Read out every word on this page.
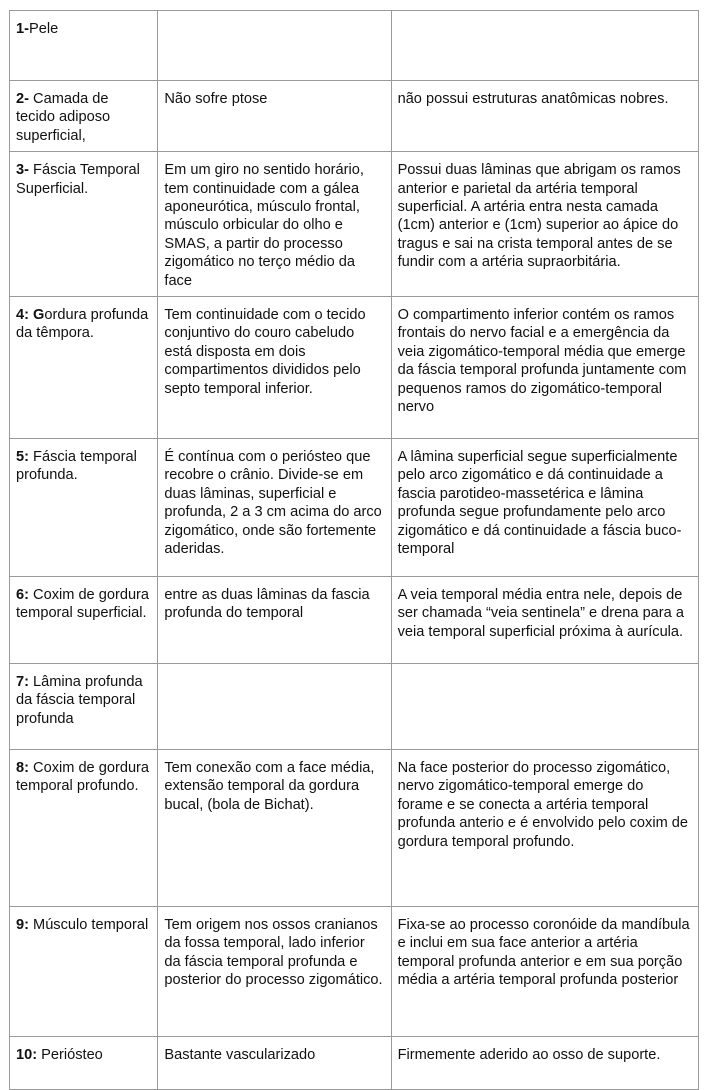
1-Pele		
2- Camada de tecido adiposo superficial,	Não sofre ptose	não possui estruturas anatômicas nobres.
3- Fáscia Temporal Superficial.	Em um giro no sentido horário, tem continuidade com a gálea aponeurótica, músculo frontal, músculo orbicular do olho e SMAS, a partir do processo zigomático no terço médio da face	Possui duas lâminas que abrigam os ramos anterior e parietal da artéria temporal superficial. A artéria entra nesta camada (1cm) anterior e (1cm) superior ao ápice do tragus e sai na crista temporal antes de se fundir com a artéria supraorbitária.
4: Gordura profunda da têmpora.	Tem continuidade com o tecido conjuntivo do couro cabeludo está disposta em dois compartimentos divididos pelo septo temporal inferior.	O compartimento inferior contém os ramos frontais do nervo facial e a emergência da veia zigomático-temporal média que emerge da fáscia temporal profunda juntamente com pequenos ramos do zigomático-temporal nervo
5: Fáscia temporal profunda.	É contínua com o periósteo que recobre o crânio. Divide-se em duas lâminas, superficial e profunda, 2 a 3 cm acima do arco zigomático, onde são fortemente aderidas.	A lâmina superficial segue superficialmente pelo arco zigomático e dá continuidade a fascia parotideo-massetérica e lâmina profunda segue profundamente pelo arco zigomático e dá continuidade a fáscia buco-temporal
6: Coxim de gordura temporal superficial.	entre as duas lâminas da fascia profunda do temporal	A veia temporal média entra nele, depois de ser chamada “veia sentinela” e drena para a veia temporal superficial próxima à aurícula.
7: Lâmina profunda da fáscia temporal profunda		
8: Coxim de gordura temporal profundo.	Tem conexão com a face média, extensão temporal da gordura bucal, (bola de Bichat).	Na face posterior do processo zigomático, nervo zigomático-temporal emerge do forame e se conecta a artéria temporal profunda anterio e é envolvido pelo coxim de gordura temporal profundo.
9: Músculo temporal	Tem origem nos ossos cranianos da fossa temporal, lado inferior da fáscia temporal profunda e posterior do processo zigomático.	Fixa-se ao processo coronóide da mandíbula e inclui em sua face anterior a artéria temporal profunda anterior e em sua porção média a artéria temporal profunda posterior
10: Periósteo	Bastante vascularizado	Firmemente aderido ao osso de suporte.
